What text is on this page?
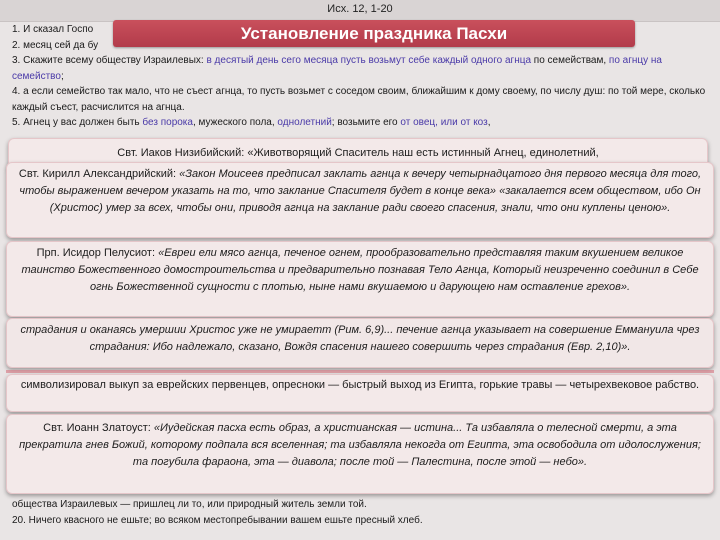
Исх. 12, 1-20

1. И сказал Госпо

2. месяц сей да бу

3. Скажите всему обществу Израилевых: в десятый день сего месяца пусть возьмут себе каждый одного агнца по семействам, по агнцу на семейство;

4. а если семейство так мало, что не съест агнца, то пусть возьмет с соседом своим, ближайшим к дому своему, по числу душ: по той мере, сколько каждый съест, расчислится на агнца.

5. Агнец у вас должен быть без порока, мужеского пола, однолетний; возьмите его от овец, или от коз,

Установление праздника Пасхи
Свт. Иаков Низибийский: «Животворящий Спаситель наш есть истинный Агнец, единолетний,
Свт. Кирилл Александрийский: «Закон Моисеев предписал заклать агнца к вечеру четырнадцатого дня первого месяца для того, чтобы выражением вечером указать на то, что заклание Спасителя будет в конце века» «закалается всем обществом, ибо Он (Христос) умер за всех, чтобы они, приводя агнца на заклание ради своего спасения, знали, что они куплены ценою».
Прп. Исидор Пелусиот: «Евреи ели мясо агнца, печеное огнем, прообразовательно представляя таким вкушением великое таинство Божественного домостроительства и предварительно познавая Тело Агнца, Который неизреченно соединил в Себе огнь Божественной сущности с плотью, ныне нами вкушаемою и дарующею нам оставление грехов».
страдания и оканаясь умершии Христос уже не умираетт (Рим. 6,9)... печение агнца указывает на совершение Еммануила чрез страдания: Ибо надлежало, сказано, Вождя спасения нашего совершить через страдания (Евр. 2,10)».
символизировал выкуп за еврейских первенцев, опресноки — быстрый выход из Египта, горькие травы — четырехвековое рабство.
Свт. Иоанн Златоуст: «Иудейская пасха есть образ, а христианская — истина... Та избавляла о телесной смерти, а эта прекратила гнев Божий, которому подпала вся вселенная; та избавляла некогда от Египта, эта освободила от идолослужения; та погубила фараона, эта — диавола; после той — Палестина, после этой — небо».

общества Израилевых — пришлец ли то, или природный житель земли той.

20. Ничего квасного не ешьте; во всяком местопребывании вашем ешьте пресный хлеб.
